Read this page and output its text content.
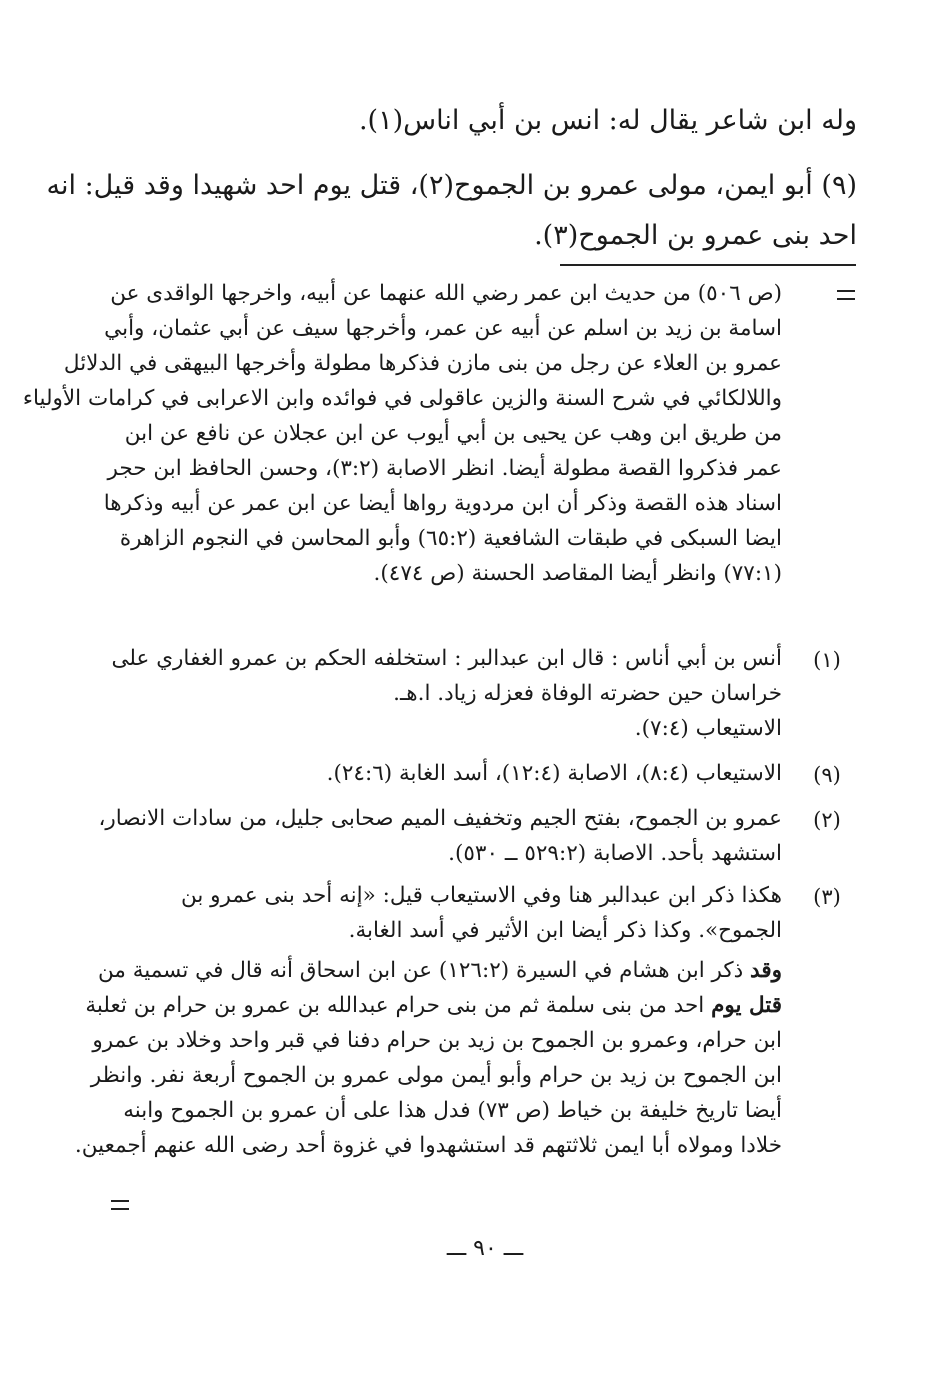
وله ابن شاعر يقال له: انس بن أبي اناس(١).
(٩) أبو ايمن، مولى عمرو بن الجموح(٢)، قتل يوم احد شهيدا وقد قيل: انه
احد بنى عمرو بن الجموح(٣).
(ص ٥٠٦) من حديث ابن عمر رضي الله عنهما عن أبيه، واخرجها الواقدى عن
اسامة بن زيد بن اسلم عن أبيه عن عمر، وأخرجها سيف عن أبي عثمان، وأبي
عمرو بن العلاء عن رجل من بنى مازن فذكرها مطولة وأخرجها البيهقى في الدلائل
واللالكائي في شرح السنة والزين عاقولى في فوائده وابن الاعرابى في كرامات الأولياء
من طريق ابن وهب عن يحيى بن أبي أيوب عن ابن عجلان عن نافع عن ابن
عمر فذكروا القصة مطولة أيضا. انظر الاصابة (٣:٢)، وحسن الحافظ ابن حجر
اسناد هذه القصة وذكر أن ابن مردوية رواها أيضا عن ابن عمر عن أبيه وذكرها
ايضا السبكى في طبقات الشافعية (٦٥:٢) وأبو المحاسن في النجوم الزاهرة
(٧٧:١) وانظر أيضا المقاصد الحسنة (ص ٤٧٤).
(١)
أنس بن أبي أناس : قال ابن عبدالبر : استخلفه الحكم بن عمرو الغفاري على
خراسان حين حضرته الوفاة فعزله زياد. ا.هـ.
الاستيعاب (٧:٤).
(٩)
الاستيعاب (٨:٤)، الاصابة (١٢:٤)، أسد الغابة (٢٤:٦).
(٢)
عمرو بن الجموح، بفتح الجيم وتخفيف الميم صحابى جليل، من سادات الانصار،
استشهد بأحد. الاصابة (٥٢٩:٢ ــ ٥٣٠).
(٣)
هكذا ذكر ابن عبدالبر هنا وفي الاستيعاب قيل: «إنه أحد بنى عمرو بن
الجموح». وكذا ذكر أيضا ابن الأثير في أسد الغابة.
وقد ذكر ابن هشام في السيرة (١٢٦:٢) عن ابن اسحاق أنه قال في تسمية من
قتل يوم احد من بنى سلمة ثم من بنى حرام عبدالله بن عمرو بن حرام بن ثعلبة
ابن حرام، وعمرو بن الجموح بن زيد بن حرام دفنا في قبر واحد وخلاد بن عمرو
ابن الجموح بن زيد بن حرام وأبو أيمن مولى عمرو بن الجموح أربعة نفر. وانظر
أيضا تاريخ خليفة بن خياط (ص ٧٣) فدل هذا على أن عمرو بن الجموح وابنه
خلادا ومولاه أبا ايمن ثلاثتهم قد استشهدوا في غزوة أحد رضى الله عنهم أجمعين.
ـــ ٩٠ ـــ
